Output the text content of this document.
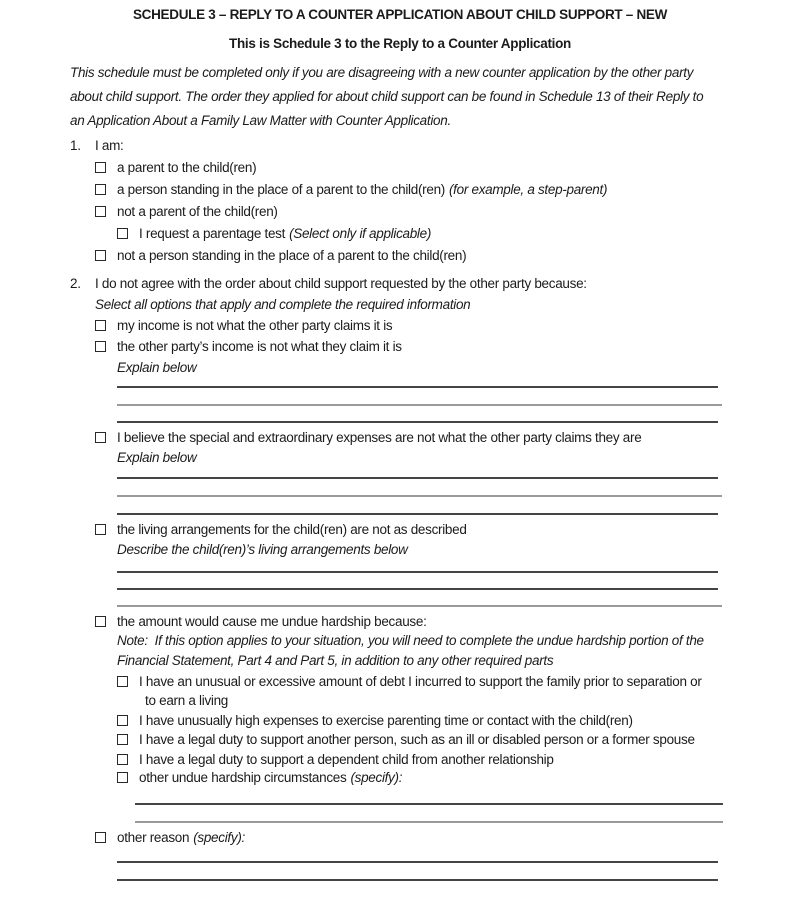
SCHEDULE 3 – REPLY TO A COUNTER APPLICATION ABOUT CHILD SUPPORT – NEW
This is Schedule 3 to the Reply to a Counter Application
This schedule must be completed only if you are disagreeing with a new counter application by the other party
about child support. The order they applied for about child support can be found in Schedule 13 of their Reply to
an Application About a Family Law Matter with Counter Application.
1.	I am:
a parent to the child(ren)
a person standing in the place of a parent to the child(ren) (for example, a step-parent)
not a parent of the child(ren)
I request a parentage test (Select only if applicable)
not a person standing in the place of a parent to the child(ren)
2.	I do not agree with the order about child support requested by the other party because:
Select all options that apply and complete the required information
my income is not what the other party claims it is
the other party’s income is not what they claim it is
Explain below
I believe the special and extraordinary expenses are not what the other party claims they are
Explain below
the living arrangements for the child(ren) are not as described
Describe the child(ren)’s living arrangements below
the amount would cause me undue hardship because:
Note:  If this option applies to your situation, you will need to complete the undue hardship portion of the
Financial Statement, Part 4 and Part 5, in addition to any other required parts
I have an unusual or excessive amount of debt I incurred to support the family prior to separation or
to earn a living
I have unusually high expenses to exercise parenting time or contact with the child(ren)
I have a legal duty to support another person, such as an ill or disabled person or a former spouse
I have a legal duty to support a dependent child from another relationship
other undue hardship circumstances (specify):
other reason (specify):
